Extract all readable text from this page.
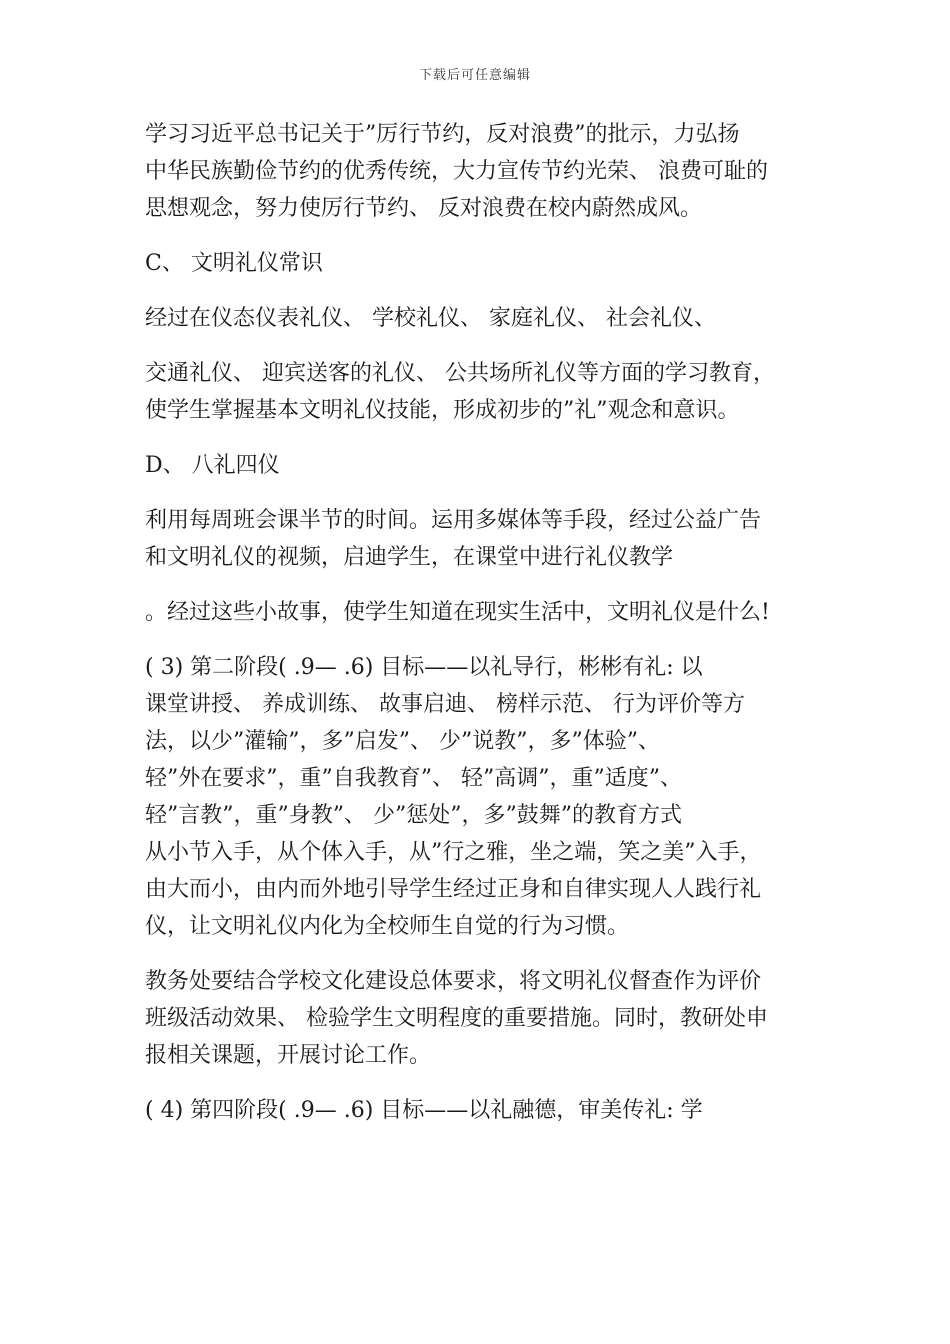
下载后可任意编辑

学习习近平总书记关于”厉行节约，反对浪费”的批示，力弘扬
中华民族勤俭节约的优秀传统，大力宣传节约光荣、 浪费可耻的
思想观念，努力使厉行节约、 反对浪费在校内蔚然成风。

C、 文明礼仪常识

经过在仪态仪表礼仪、 学校礼仪、 家庭礼仪、 社会礼仪、

交通礼仪、 迎宾送客的礼仪、 公共场所礼仪等方面的学习教育，
使学生掌握基本文明礼仪技能，形成初步的”礼”观念和意识。

D、 八礼四仪

利用每周班会课半节的时间。运用多媒体等手段，经过公益广告
和文明礼仪的视频，启迪学生，在课堂中进行礼仪教学

。经过这些小故事，使学生知道在现实生活中，文明礼仪是什么!

( 3) 第二阶段( .9— .6) 目标——以礼导行，彬彬有礼: 以
课堂讲授、 养成训练、 故事启迪、 榜样示范、 行为评价等方
法，以少”灌输”，多”启发”、 少”说教”，多”体验”、
轻”外在要求”，重”自我教育”、 轻”高调”，重”适度”、
轻”言教”，重”身教”、 少”惩处”，多”鼓舞”的教育方式
从小节入手，从个体入手，从”行之雅，坐之端，笑之美”入手，
由大而小，由内而外地引导学生经过正身和自律实现人人践行礼
仪，让文明礼仪内化为全校师生自觉的行为习惯。

教务处要结合学校文化建设总体要求，将文明礼仪督查作为评价
班级活动效果、 检验学生文明程度的重要措施。同时，教研处申
报相关课题，开展讨论工作。

( 4) 第四阶段( .9— .6) 目标——以礼融德，审美传礼: 学
